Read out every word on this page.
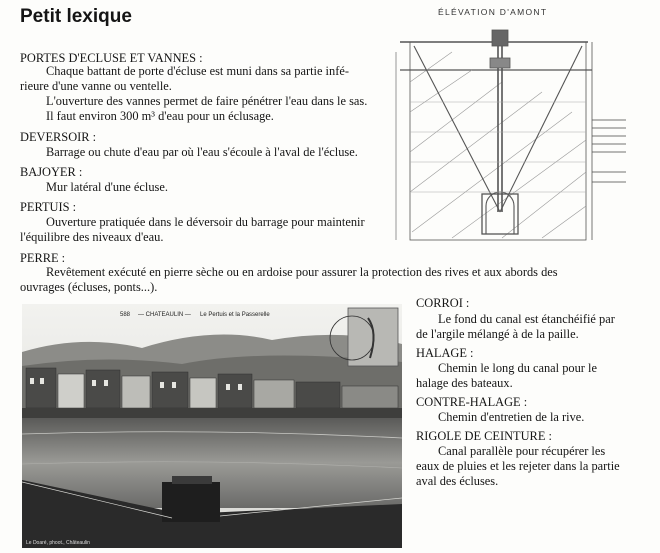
Petit lexique
PORTES D'ECLUSE ET VANNES :
Chaque battant de porte d'écluse est muni dans sa partie infé-
rieure d'une vanne ou ventelle.
L'ouverture des vannes permet de faire pénétrer l'eau dans le sas.
Il faut environ 300 m³ d'eau pour un éclusage.
DEVERSOIR :
Barrage ou chute d'eau par où l'eau s'écoule à l'aval de l'écluse.
BAJOYER :
Mur latéral d'une écluse.
PERTUIS :
Ouverture pratiquée dans le déversoir du barrage pour maintenir
l'équilibre des niveaux d'eau.
PERRE :
Revêtement exécuté en pierre sèche ou en ardoise pour assurer la protection des rives et aux abords des
ouvrages (écluses, ponts...).
ÉLÉVATION D'AMONT
588 — CHATEAULIN — Le Pertuis et la Passerelle
Le Doaré, phoot., Châteaulin
CORROI :
Le fond du canal est étanchéifié par
de l'argile mélangé à de la paille.
HALAGE :
Chemin le long du canal pour le
halage des bateaux.
CONTRE-HALAGE :
Chemin d'entretien de la rive.
RIGOLE DE CEINTURE :
Canal parallèle pour récupérer les
eaux de pluies et les rejeter dans la partie
aval des écluses.
